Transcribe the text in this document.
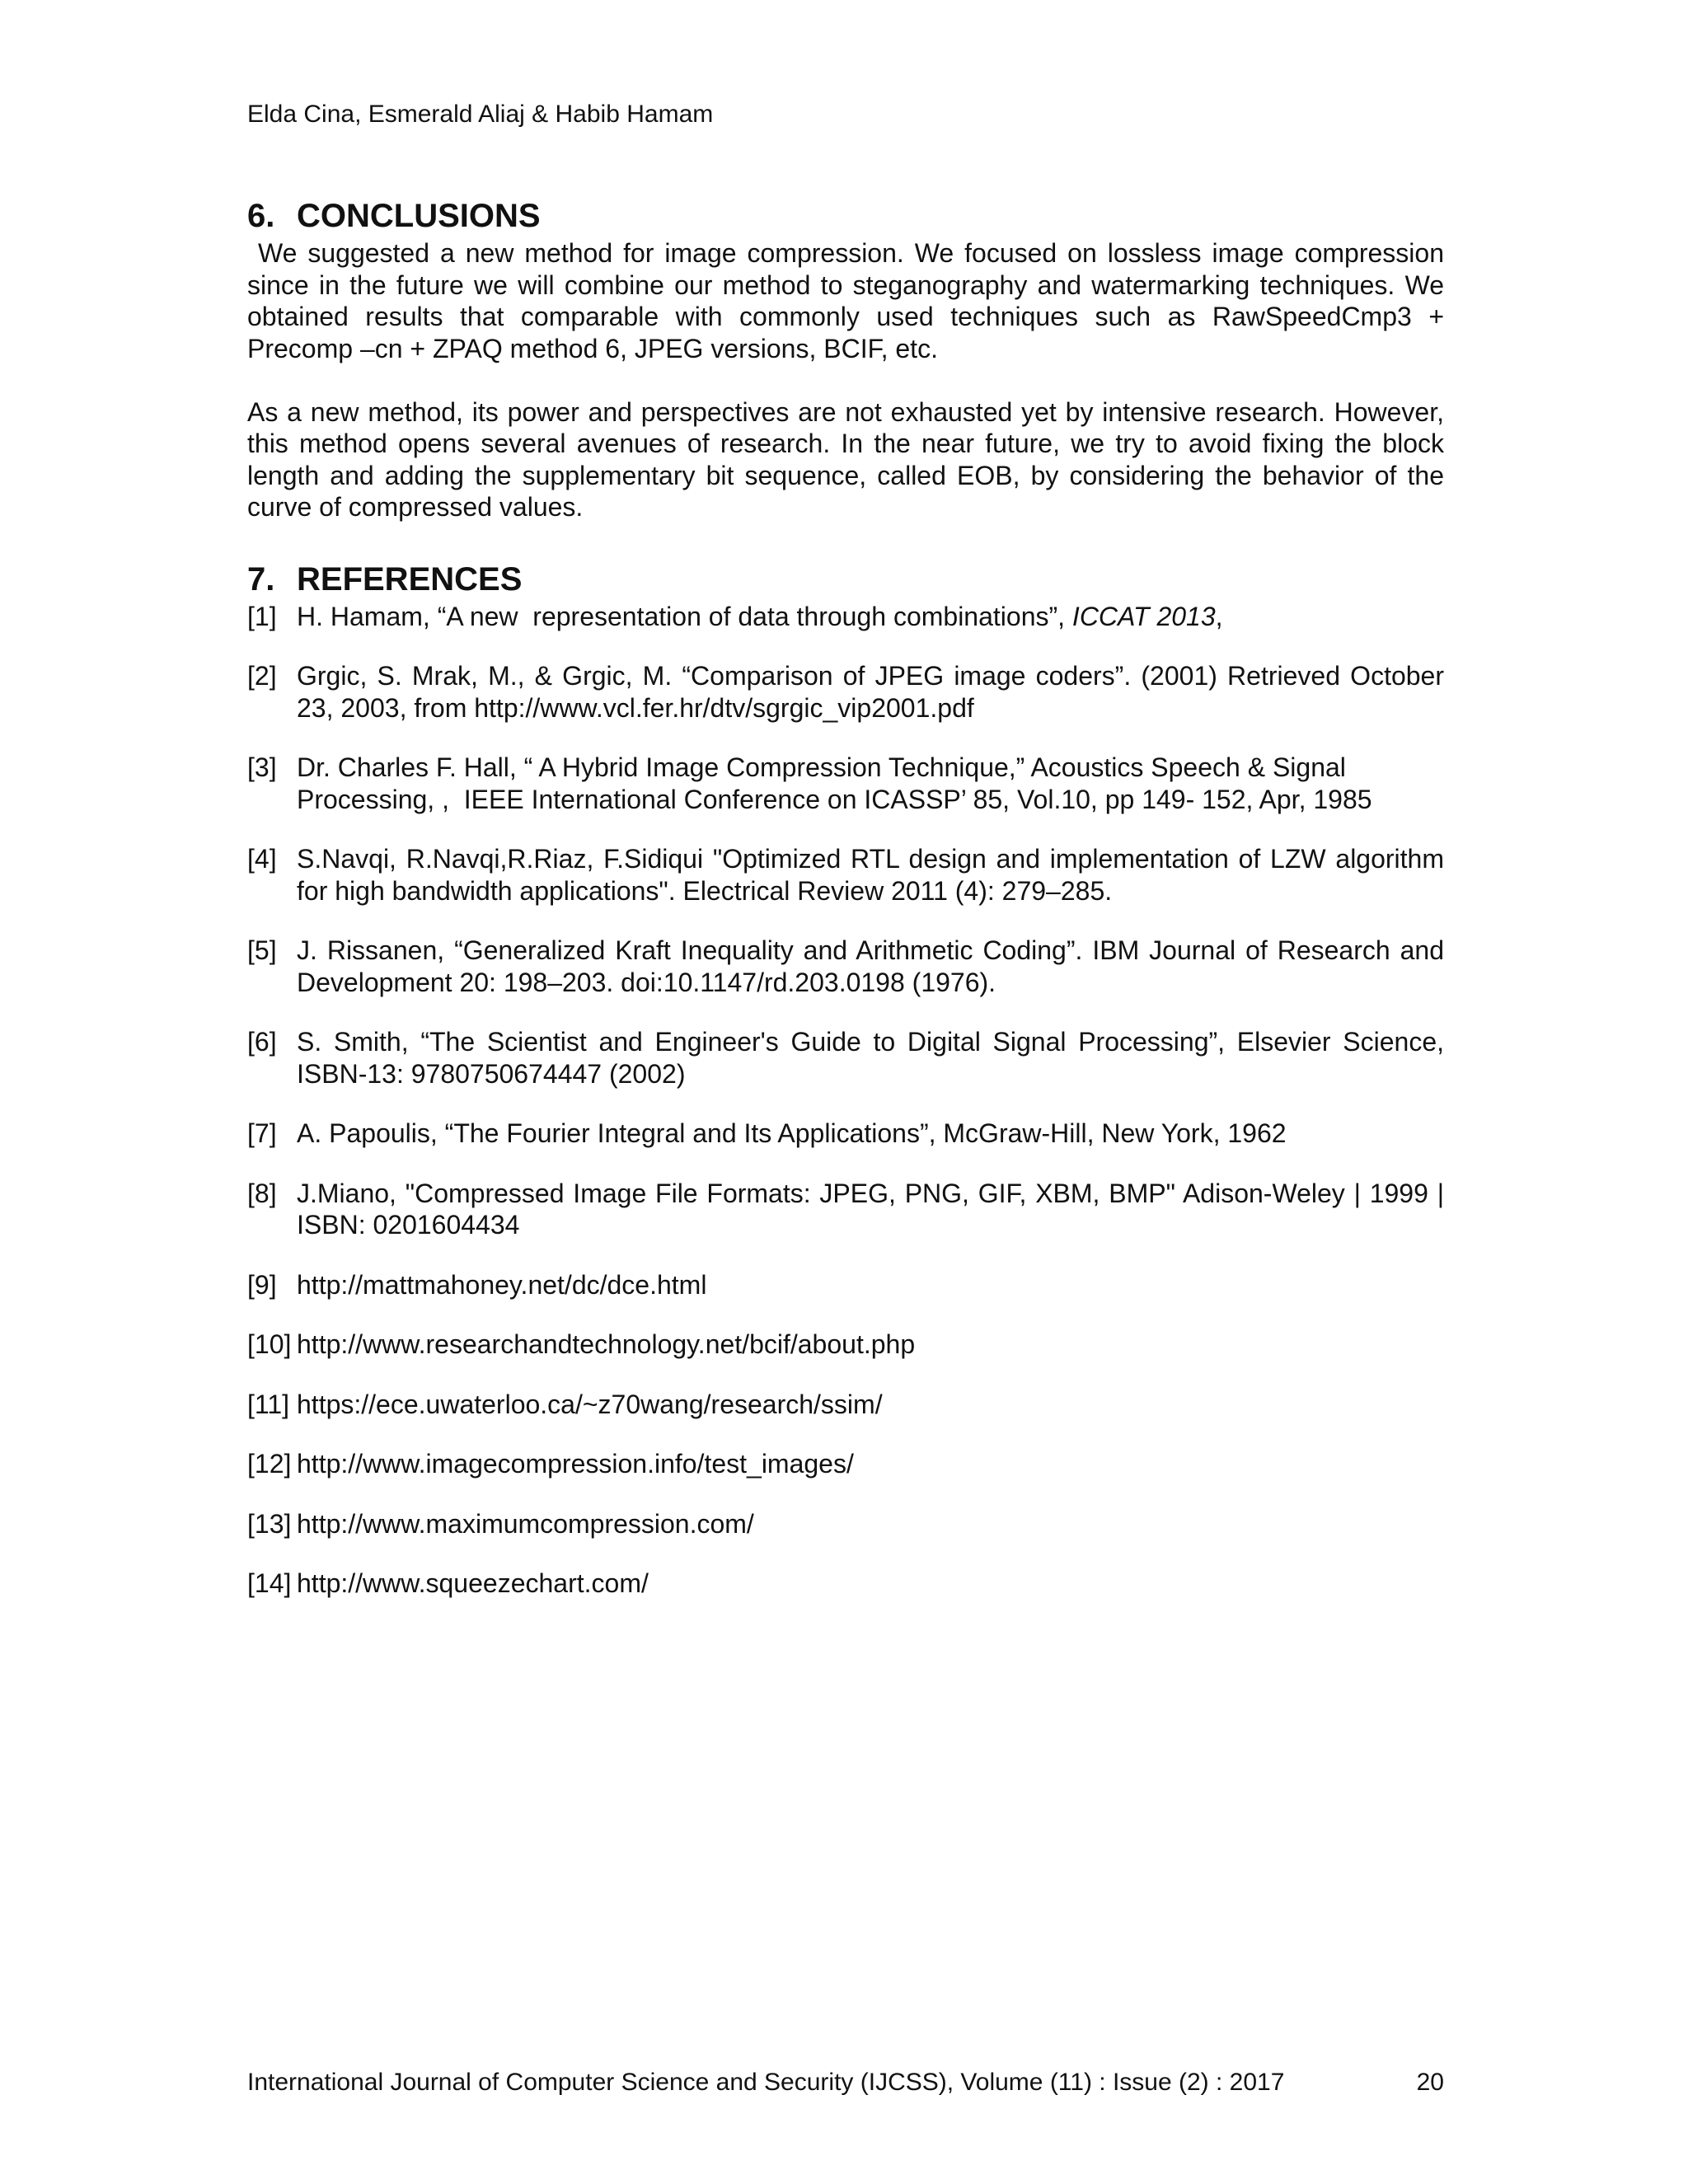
Elda Cina, Esmerald Aliaj & Habib Hamam
6. CONCLUSIONS

We suggested a new method for image compression. We focused on lossless image compression since in the future we will combine our method to steganography and watermarking techniques. We obtained results that comparable with commonly used techniques such as RawSpeedCmp3 + Precomp –cn + ZPAQ method 6, JPEG versions, BCIF, etc.

As a new method, its power and perspectives are not exhausted yet by intensive research. However, this method opens several avenues of research. In the near future, we try to avoid fixing the block length and adding the supplementary bit sequence, called EOB, by considering the behavior of the curve of compressed values.

7. REFERENCES
[1] H. Hamam, “A new  representation of data through combinations”, ICCAT 2013,
[2] Grgic, S. Mrak, M., & Grgic, M. “Comparison of JPEG image coders”. (2001) Retrieved October 23, 2003, from http://www.vcl.fer.hr/dtv/sgrgic_vip2001.pdf
[3] Dr. Charles F. Hall, “ A Hybrid Image Compression Technique,” Acoustics Speech & Signal Processing, ,  IEEE International Conference on ICASSP’ 85, Vol.10, pp 149- 152, Apr, 1985
[4] S.Navqi, R.Navqi,R.Riaz, F.Sidiqui "Optimized RTL design and implementation of LZW algorithm for high bandwidth applications". Electrical Review 2011 (4): 279–285.
[5] J. Rissanen, “Generalized Kraft Inequality and Arithmetic Coding”. IBM Journal of Research and Development 20: 198–203. doi:10.1147/rd.203.0198 (1976).
[6] S. Smith, “The Scientist and Engineer's Guide to Digital Signal Processing”, Elsevier Science, ISBN-13: 9780750674447 (2002)
[7] A. Papoulis, “The Fourier Integral and Its Applications”, McGraw-Hill, New York, 1962
[8] J.Miano, "Compressed Image File Formats: JPEG, PNG, GIF, XBM, BMP" Adison-Weley | 1999 | ISBN: 0201604434
[9] http://mattmahoney.net/dc/dce.html
[10] http://www.researchandtechnology.net/bcif/about.php
[11] https://ece.uwaterloo.ca/~z70wang/research/ssim/
[12] http://www.imagecompression.info/test_images/
[13] http://www.maximumcompression.com/
[14] http://www.squeezechart.com/
International Journal of Computer Science and Security (IJCSS), Volume (11) : Issue (2) : 2017	20
